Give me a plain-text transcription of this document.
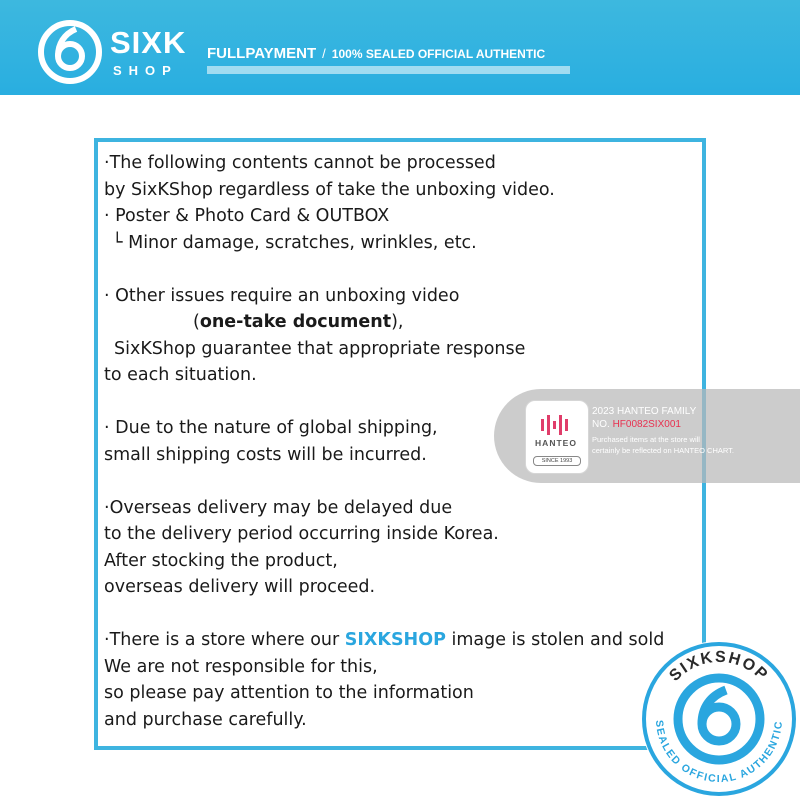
SIXK
SHOP
FULLPAYMENT / 100% SEALED OFFICIAL AUTHENTIC
·The following contents cannot be processed
by SixKShop regardless of take the unboxing video.
· Poster & Photo Card & OUTBOX
└ Minor damage, scratches, wrinkles, etc.
· Other issues require an unboxing video
(one-take document),
SixKShop guarantee that appropriate response
to each situation.
· Due to the nature of global shipping,
small shipping costs will be incurred.
·Overseas delivery may be delayed due
to the delivery period occurring inside Korea.
After stocking the product,
overseas delivery will proceed.
·There is a store where our SIXKSHOP image is stolen and sold
We are not responsible for this,
so please pay attention to the information
and purchase carefully.
HANTEO
SINCE 1993
2023 HANTEO FAMILY
NO. HF0082SIX001
Purchased items at the store will
certainly be reflected on HANTEO CHART.
SIXKSHOP
SEALED OFFICIAL AUTHENTIC
